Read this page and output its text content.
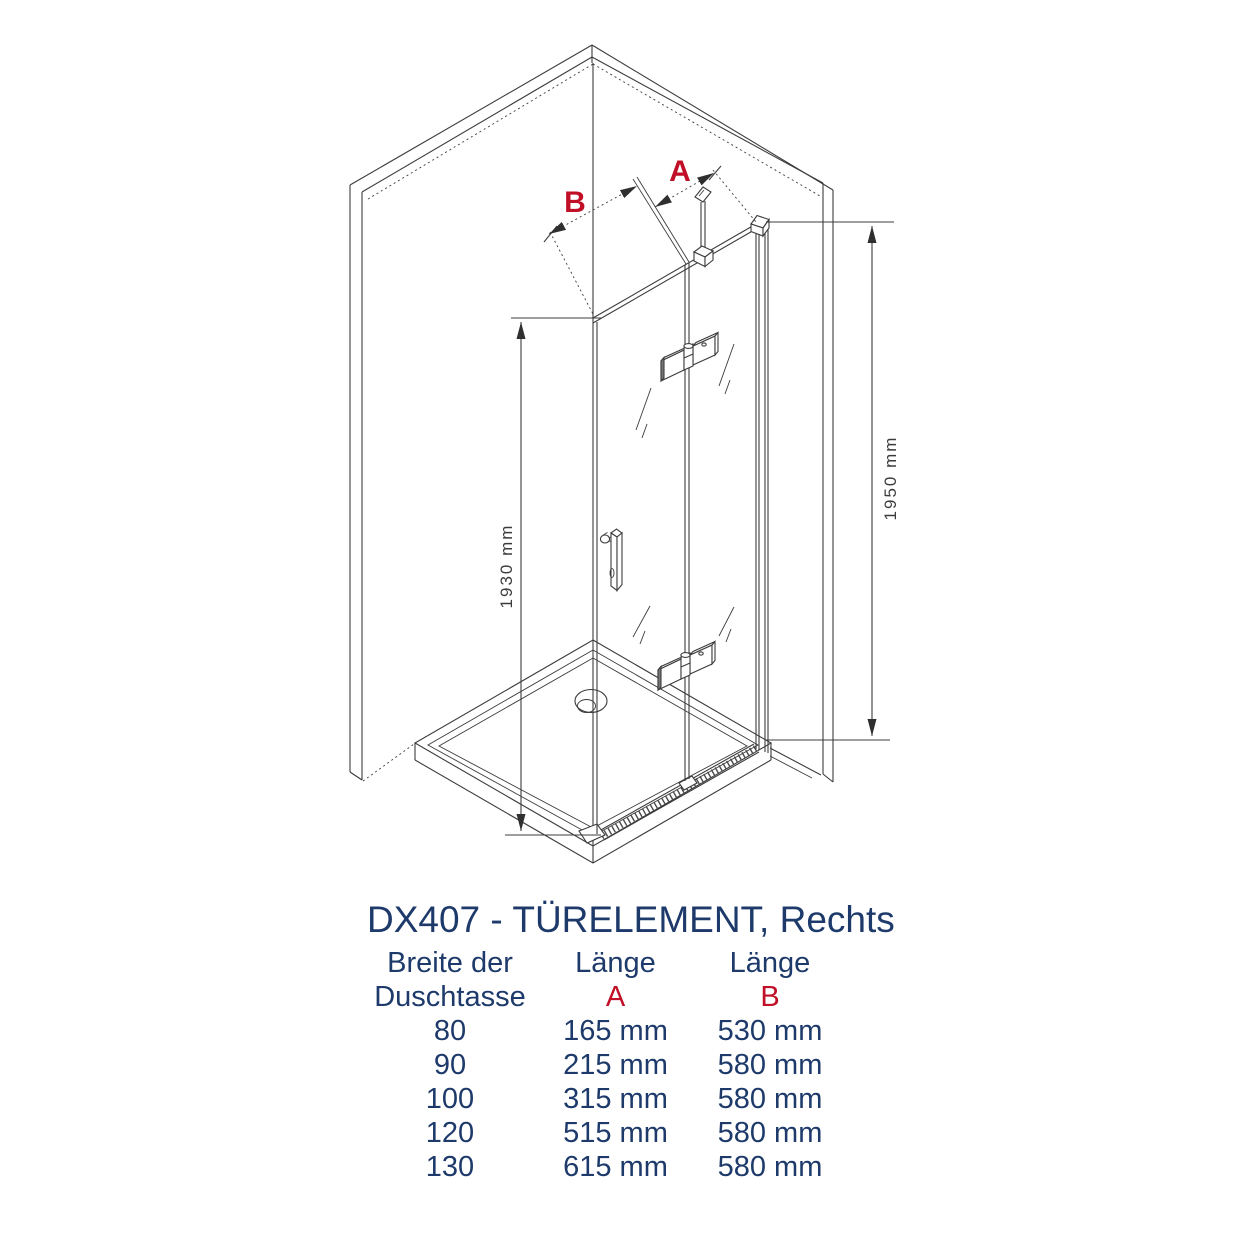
B
A
1930 mm
1950 mm
DX407 - TÜRELEMENT, Rechts
Breite der	Länge	Länge
Duschtasse	A	B
80	165 mm	530 mm
90	215 mm	580 mm
100	315 mm	580 mm
120	515 mm	580 mm
130	615 mm	580 mm
